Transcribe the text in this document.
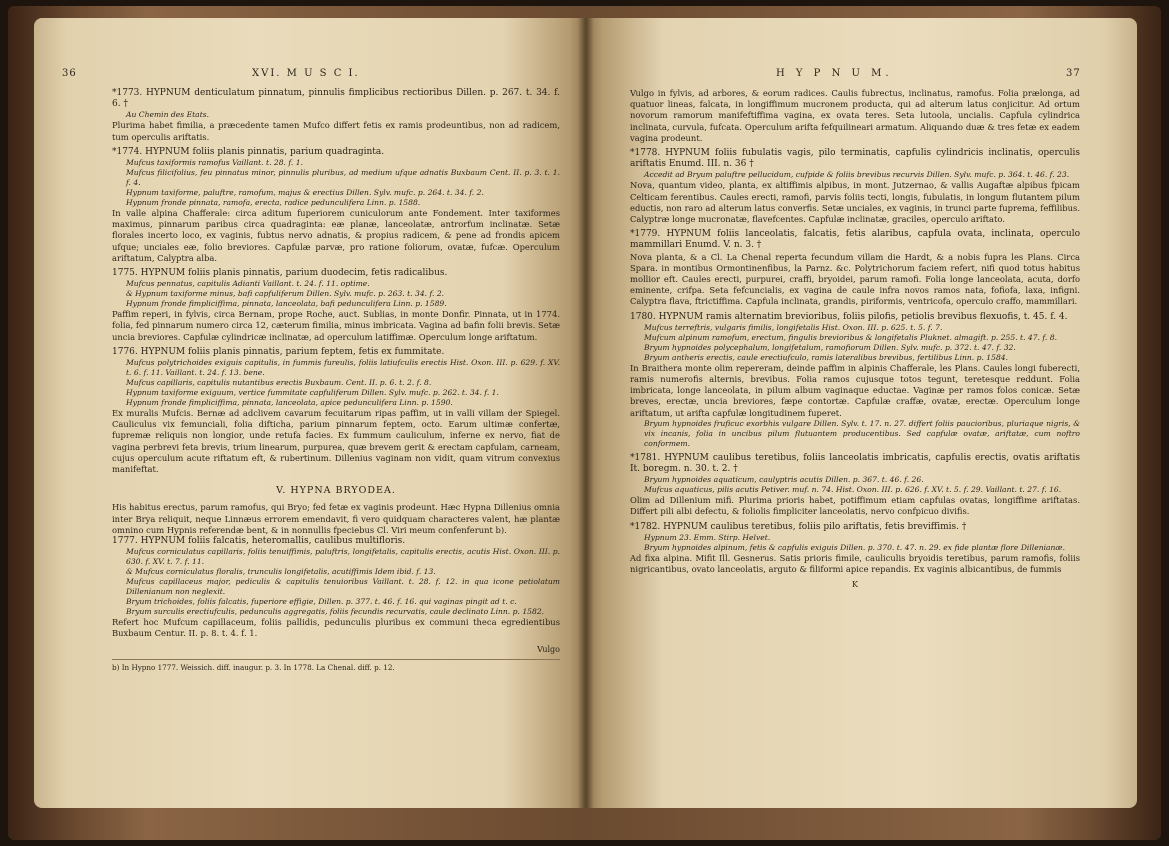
36	XVI. M U S C I.
*1773. HYPNUM denticulatum pinnatum, pinnulis fimplicibus rectioribus Dillen. p. 267. t. 34. f. 6. †
Au Chemin des Etats.
Plurima habet fimilia, a præcedente tamen Mufco differt fetis ex ramis prodeuntibus, non ad radicem, tum operculis ariftatis.
*1774. HYPNUM foliis planis pinnatis, parium quadraginta.
Mufcus taxiformis ramofus Vaillant. t. 28. f. 1.
Mufcus filicifolius, feu pinnatus minor, pinnulis pluribus, ad medium ufque adnatis Buxbaum Cent. II. p. 3. t. 1. f. 4.
Hypnum taxiforme, paluftre, ramofum, majus & erectius Dillen. Sylv. mufc. p. 264. t. 34. f. 2.
Hypnum fronde pinnata, ramofa, erecta, radice pedunculifera Linn. p. 1588.
In valle alpina Chafferale: circa aditum fuperiorem cuniculorum ante Fondement. Inter taxiformes maximus, pinnarum paribus circa quadraginta: eæ planæ, lanceolatæ, antrorfum inclinatæ. Setæ florales incerto loco, ex vaginis, fubtus nervo adnatis, & propius radicem, & pene ad frondis apicem ufque; unciales eæ, folio breviores. Capfulæ parvæ, pro ratione foliorum, ovatæ, fufcæ. Operculum ariftatum, Calyptra alba.
1775. HYPNUM foliis planis pinnatis, parium duodecim, fetis radicalibus.
Mufcus pennatus, capitulis Adianti Vaillant. t. 24. f. 11. optime.
& Hypnum taxiforme minus, bafi capfuliferum Dillen. Sylv. mufc. p. 263. t. 34. f. 2.
Hypnum fronde fimpliciffima, pinnata, lanceolata, bafi pedunculifera Linn. p. 1589.
Paffim reperi, in fylvis, circa Bernam, prope Roche, auct. Sublias, in monte Donfir. Pinnata, ut in 1774. folia, fed pinnarum numero circa 12, cæterum fimilia, minus imbricata. Vagina ad bafin folii brevis. Setæ uncia breviores. Capfulæ cylindricæ inclinatæ, ad operculum latiffimæ. Operculum longe ariftatum.
1776. HYPNUM foliis planis pinnatis, parium feptem, fetis ex fummitate.
Mufcus polytrichoides exiguis capitulis, in fummis fureulis, foliis latiufculis erectis Hist. Oxon. III. p. 629. f. XV. t. 6. f. 11. Vaillant. t. 24. f. 13. bene.
Mufcus capillaris, capitulis nutantibus erectis Buxbaum. Cent. II. p. 6. t. 2. f. 8.
Hypnum taxiforme exiguum, vertice fummitate capfuliferum Dillen. Sylv. mufc. p. 262. t. 34. f. 1.
Hypnum fronde fimpliciffima, pinnata, lanceolata, apice pedunculifera Linn. p. 1590.
Ex muralis Mufcis. Bernæ ad adclivem cavarum fecuitarum ripas paffim, ut in valli villam der Spiegel. Cauliculus vix femunciali, folia difticha, parium pinnarum feptem, octo. Earum ultimæ confertæ, fupremæ reliquis non longior, unde retufa facies. Ex fummum cauliculum, inferne ex nervo, fiat de vagina perbrevi feta brevis, trium linearum, purpurea, quæ brevem gerit & erectam capfulam, carneam, cujus operculum acute riftatum eft, & rubertinum. Dillenius vaginam non vidit, quam vitrum convexius manifeftat.
V. HYPNA BRYODEA.
His habitus erectus, parum ramofus, qui Bryo; fed fetæ ex vaginis prodeunt. Hæc Hypna Dillenius omnia inter Brya reliquit, neque Linnæus errorem emendavit, fi vero quidquam characteres valent, hæ plantæ omnino cum Hypnis referendæ bent, & in nonnullis fpeciebus Cl. Viri meum confenferunt b).
1777. HYPNUM foliis falcatis, heteromallis, caulibus multifloris.
Mufcus corniculatus capillaris, foliis tenuiffimis, paluftris, longifetalis, capitulis erectis, acutis Hist. Oxon. III. p. 630. f. XV. t. 7. f. 11.
& Mufcus corniculatus floralis, trunculis longifetalis, acutiffimis Idem ibid. f. 13.
Mufcus capillaceus major, pediculis & capitulis tenuioribus Vaillant. t. 28. f. 12. in qua icone petiolatum Dillenianum non neglexit.
Bryum trichoides, foliis falcatis, fuperiore effigie, Dillen. p. 377. t. 46. f. 16. qui vaginas pingit ad t. c.
Bryum surculis erectiufculis, pedunculis aggregatis, foliis fecundis recurvatis, caule declinato Linn. p. 1582.
Refert hoc Mufcum capillaceum, foliis pallidis, pedunculis pluribus ex communi theca egredientibus Buxbaum Centur. II. p. 8. t. 4. f. 1.
Vulgo
b) In Hypno 1777. Weissich. diff. inaugur. p. 3. In 1778. La Chenal. diff. p. 12.
H Y P N U M.	37
Vulgo in fylvis, ad arbores, & eorum radices. Caulis fubrectus, inclinatus, ramofus. Folia prælonga, ad quatuor lineas, falcata, in longiffimum mucronem producta, qui ad alterum latus conjicitur. Ad ortum novorum ramorum manifeftiffima vagina, ex ovata teres. Seta lutoola, uncialis. Capfula cylindrica inclinata, curvula, fufcata. Operculum arifta fefquilineari armatum. Aliquando duæ & tres fetæ ex eadem vagina prodeunt.
*1778. HYPNUM foliis fubulatis vagis, pilo terminatis, capfulis cylindricis inclinatis, operculis ariftatis Enumd. III. n. 36 †
Accedit ad Bryum paluftre pellucidum, cufpide & foliis brevibus recurvis Dillen. Sylv. mufc. p. 364. t. 46. f. 23.
Nova, quantum video, planta, ex altiffimis alpibus, in mont. Jutzernao, & vallis Augaftæ alpibus fpicam Celticam ferentibus. Caules erecti, ramofi, parvis foliis tecti, longis, fubulatis, in longum flutantem pilum eductis, non raro ad alterum latus converfis. Setæ unciales, ex vaginis, in trunci parte fuprema, feffilibus. Calyptræ longe mucronatæ, flavefcentes. Capfulæ inclinatæ, graciles, operculo ariftato.
*1779. HYPNUM foliis lanceolatis, falcatis, fetis alaribus, capfula ovata, inclinata, operculo mammillari Enumd. V. n. 3. †
Nova planta, & a Cl. La Chenal reperta fecundum villam die Hardt, & a nobis fupra les Plans. Circa Spara. in montibus Ormontinenfibus, la Parnz. &c. Polytrichorum faciem refert, nifi quod totus habitus mollior eft. Caules erecti, purpurei, craffi, bryoidei, parum ramofi. Folia longe lanceolata, acuta, dorfo eminente, crifpa. Seta fefcuncialis, ex vagina de caule infra novos ramos nata, fofiofa, laxa, infigni. Calyptra flava, ftrictiffima. Capfula inclinata, grandis, piriformis, ventricofa, operculo craffo, mammillari.
1780. HYPNUM ramis alternatim brevioribus, foliis pilofis, petiolis brevibus flexuofis, t. 45. f. 4.
Mufcus terreftris, vulgaris fimilis, longifetalis Hist. Oxon. III. p. 625. t. 5. f. 7.
Mufcum alpinum ramofum, erectum, fingulis brevioribus & longifetalis Pluknet. almagift. p. 255. t. 47. f. 8.
Bryum hypnoides polycephalum, longifetalum, ramofiorum Dillen. Sylv. mufc. p. 372. t. 47. f. 32.
Bryum antheris erectis, caule erectiufculo, ramis lateralibus brevibus, fertilibus Linn. p. 1584.
In Braithera monte olim repereram, deinde paffim in alpinis Chafferale, les Plans. Caules longi fuberecti, ramis numerofis alternis, brevibus. Folia ramos cujusque totos tegunt, teretesque reddunt. Folia imbricata, longe lanceolata, in pilum album vaginaque eductae. Vaginæ per ramos folos conicæ. Setæ breves, erectæ, uncia breviores, fæpe contortæ. Capfulæ craffæ, ovatæ, erectæ. Operculum longe ariftatum, ut arifta capfulæ longitudinem fuperet.
Bryum hypnoides fruficuc exorbhis vulgare Dillen. Sylv. t. 17. n. 27. differt foliis paucioribus, pluriaque nigris, & vix incanis, folia in uncibus pilum flutuantem producentibus. Sed capfulæ ovatæ, ariftatæ, cum noftro conformem.
*1781. HYPNUM caulibus teretibus, foliis lanceolatis imbricatis, capfulis erectis, ovatis ariftatis It. boregm. n. 30. t. 2. †
Bryum hypnoides aquaticum, caulyptris acutis Dillen. p. 367. t. 46. f. 26.
Mufcus aquaticus, pilis acutis Petiver. muf. n. 74. Hist. Oxon. III. p. 626. f. XV. t. 5. f. 29. Vaillant. t. 27. f. 16.
Olim ad Dillenium mifi. Plurima prioris habet, potiffimum etiam capfulas ovatas, longiffime ariftatas. Differt pili albi defectu, & foliolis fimpliciter lanceolatis, nervo confpicuo divifis.
*1782. HYPNUM caulibus teretibus, foliis pilo ariftatis, fetis breviffimis. †
Hypnum 23. Emm. Stirp. Helvet.
Bryum hypnoides alpinum, fetis & capfulis exiguis Dillen. p. 370. t. 47. n. 29. ex fide plantæ flore Dillenianæ.
Ad fixa alpina. Mifit Ill. Gesnerus. Satis prioris fimile, cauliculis bryoidis teretibus, parum ramofis, foliis nigricantibus, ovato lanceolatis, arguto & filiformi apice repandis. Ex vaginis albicantibus, de fummis
K
